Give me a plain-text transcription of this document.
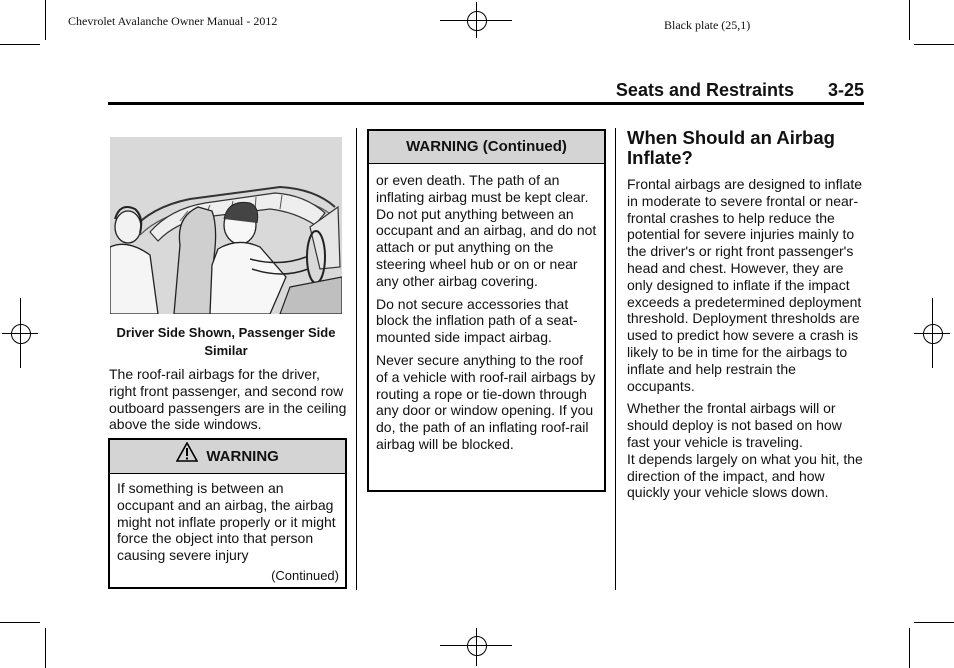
Chevrolet Avalanche Owner Manual - 2012	Black plate (25,1)
Seats and Restraints 3-25
Driver Side Shown, Passenger Side Similar

The roof-rail airbags for the driver, right front passenger, and second row outboard passengers are in the ceiling above the side windows.

WARNING

If something is between an occupant and an airbag, the airbag might not inflate properly or it might force the object into that person causing severe injury

(Continued)
WARNING (Continued)

or even death. The path of an inflating airbag must be kept clear. Do not put anything between an occupant and an airbag, and do not attach or put anything on the steering wheel hub or on or near any other airbag covering.

Do not secure accessories that block the inflation path of a seat-mounted side impact airbag.

Never secure anything to the roof of a vehicle with roof-rail airbags by routing a rope or tie-down through any door or window opening. If you do, the path of an inflating roof-rail airbag will be blocked.

When Should an Airbag Inflate?

Frontal airbags are designed to inflate in moderate to severe frontal or near-frontal crashes to help reduce the potential for severe injuries mainly to the driver's or right front passenger's head and chest. However, they are only designed to inflate if the impact exceeds a predetermined deployment threshold. Deployment thresholds are used to predict how severe a crash is likely to be in time for the airbags to inflate and help restrain the occupants.

Whether the frontal airbags will or should deploy is not based on how fast your vehicle is traveling.

It depends largely on what you hit, the direction of the impact, and how quickly your vehicle slows down.
